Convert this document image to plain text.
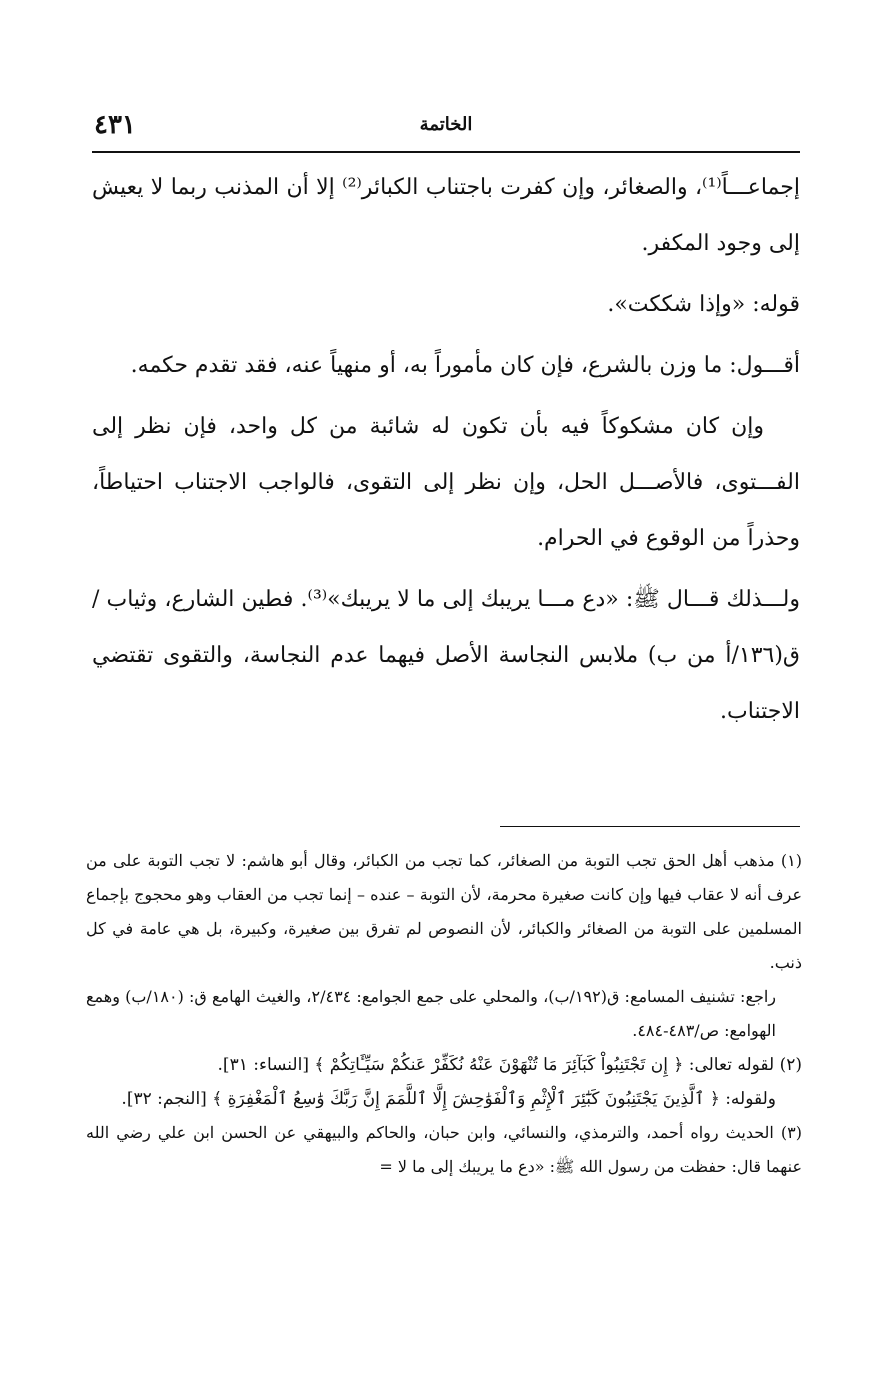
الخاتمة
٤٣١

إجماعـــاً⁽¹⁾، والصغائر، وإن كفرت باجتناب الكبائر⁽²⁾ إلا أن المذنب ربما لا يعيش إلى وجود المكفر.

قوله: «وإذا شككت».

أقـــول: ما وزن بالشرع، فإن كان مأموراً به، أو منهياً عنه، فقد تقدم حكمه.

وإن كان مشكوكاً فيه بأن تكون له شائبة من كل واحد، فإن نظر إلى الفـــتوى، فالأصـــل الحل، وإن نظر إلى التقوى، فالواجب الاجتناب احتياطاً، وحذراً من الوقوع في الحرام.

ولـــذلك قـــال ﷺ: «دع مـــا يريبك إلى ما لا يريبك»⁽³⁾. فطين الشارع، وثياب / ق(١٣٦/أ من ب) ملابس النجاسة الأصل فيهما عدم النجاسة، والتقوى تقتضي الاجتناب.

(١) مذهب أهل الحق تجب التوبة من الصغائر، كما تجب من الكبائر، وقال أبو هاشم: لا تجب التوبة على من عرف أنه لا عقاب فيها وإن كانت صغيرة محرمة، لأن التوبة – عنده – إنما تجب من العقاب وهو محجوج بإجماع المسلمين على التوبة من الصغائر والكبائر، لأن النصوص لم تفرق بين صغيرة، وكبيرة، بل هي عامة في كل ذنب.

راجع: تشنيف المسامع: ق(١٩٢/ب)، والمحلي على جمع الجوامع: ٢/٤٣٤، والغيث الهامع ق: (١٨٠/ب) وهمع الهوامع: ص/٤٨٣-٤٨٤.

(٢) لقوله تعالى: ﴿ إِن تَجْتَنِبُواْ كَبَآئِرَ مَا تُنْهَوْنَ عَنْهُ نُكَفِّرْ عَنكُمْ سَيِّـَٔاتِكُمْ ﴾ [النساء: ٣١].

ولقوله: ﴿ ٱلَّذِينَ يَجْتَنِبُونَ كَبَٰٓئِرَ ٱلْإِثْمِ وَٱلْفَوَٰحِشَ إِلَّا ٱللَّمَمَ إِنَّ رَبَّكَ وَٰسِعُ ٱلْمَغْفِرَةِ ﴾ [النجم: ٣٢].

(٣) الحديث رواه أحمد، والترمذي، والنسائي، وابن حبان، والحاكم والبيهقي عن الحسن ابن علي رضي الله عنهما قال: حفظت من رسول الله ﷺ: «دع ما يريبك إلى ما لا =
